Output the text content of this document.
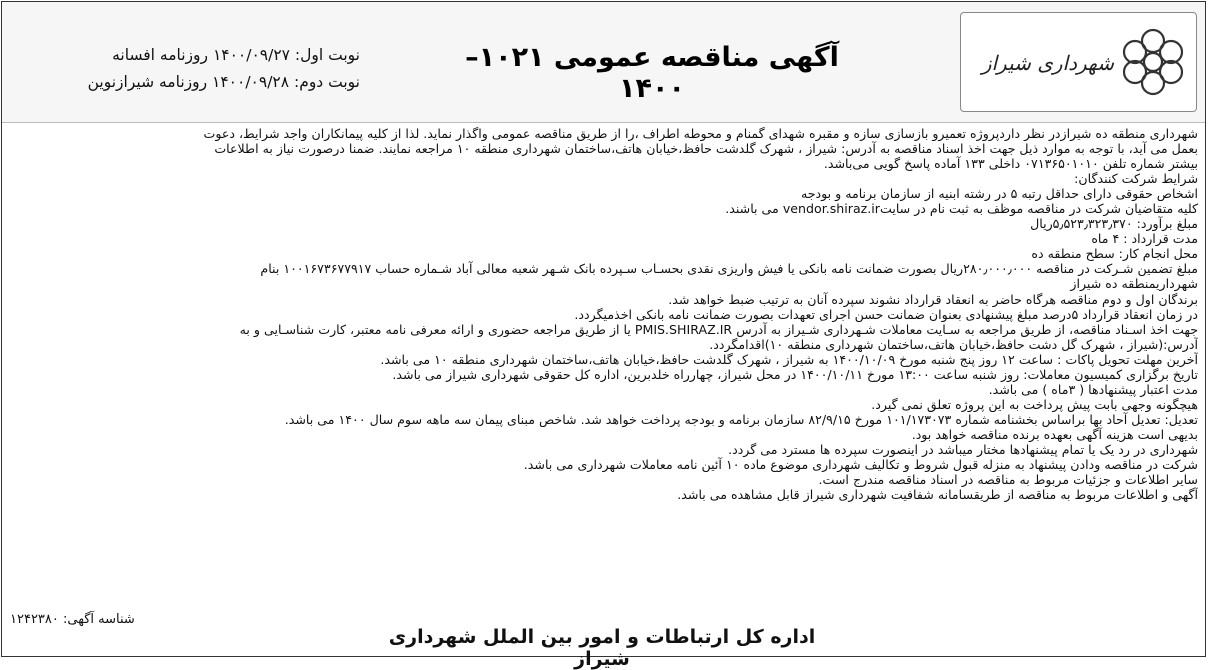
شهرداری شیراز
آگهی مناقصه عمومی ۱۰۲۱–۱۴۰۰
نوبت اول: ۱۴۰۰/۰۹/۲۷ روزنامه افسانه
نوبت دوم: ۱۴۰۰/۰۹/۲۸ روزنامه شیرازنوین

شهرداری منطقه ده شیرازدر نظر داردپروژه تعمیرو بازسازی سازه و مقبره شهدای گمنام و محوطه اطراف ،را از طریق مناقصه عمومی واگذار نماید. لذا از کلیه پیمانکاران واجد شرایط، دعوت

بعمل می آید، با توجه به موارد ذیل جهت اخذ اسناد مناقصه به آدرس: شیراز ، شهرک گلدشت حافظ،خیابان هاتف،ساختمان شهرداری منطقه ۱۰ مراجعه نمایند. ضمنا درصورت نیاز به اطلاعات

بیشتر شماره تلفن ۰۷۱۳۶۵۰۱۰۱۰ داخلی ۱۳۳ آماده پاسخ گویی می‌باشد.

شرایط شرکت کنندگان:

اشخاص حقوقی دارای حداقل رتبه ۵ در رشته ابنیه از سازمان برنامه و بودجه

کلیه متقاضیان شرکت در مناقصه موظف به ثبت نام در سایتvendor.shiraz.ir می باشند.

مبلغ برآورد: ۵٫۵۲۳٫۳۲۳٫۳۷۰ریال

مدت قرارداد : ۴ ماه

محل انجام کار: سطح منطقه ده

مبلغ تضمین شـرکت در مناقصه ۲۸۰٫۰۰۰٫۰۰۰ریال بصورت ضمانت نامه بانکی یا فیش واریزی نقدی بحسـاب سـپرده بانک شـهر شعبه معالی آباد شـماره حساب ۱۰۰۱۶۷۳۶۷۷۹۱۷ بنام

شهرداریمنطقه ده شیراز

برندگان اول و دوم مناقصه هرگاه حاضر به انعقاد قرارداد نشوند سپرده آنان به ترتیب ضبط خواهد شد.

در زمان انعقاد قرارداد ۵درصد مبلغ پیشنهادی بعنوان ضمانت حسن اجرای تعهدات بصورت ضمانت نامه بانکی اخذمیگردد.

جهت اخذ اسـناد مناقصه، از طریق مراجعه به سـایت معاملات شـهرداری شـیراز به آدرس PMIS.SHIRAZ.IR یا از طریق مراجعه حضوری و ارائه معرفی نامه معتبر، کارت شناسـایی و به

آدرس:(شیراز ، شهرک گل دشت حافظ،خیابان هاتف،ساختمان شهرداری منطقه ۱۰)اقدامگردد.

آخرین مهلت تحویل پاکات : ساعت ۱۲ روز پنج شنبه مورخ ۱۴۰۰/۱۰/۰۹ به شیراز ، شهرک گلدشت حافظ،خیابان هاتف،ساختمان شهرداری منطقه ۱۰ می باشد.

تاریخ برگزاری کمیسیون معاملات: روز شنبه ساعت ۱۳:۰۰ مورخ ۱۴۰۰/۱۰/۱۱ در محل شیراز، چهارراه خلدبرین، اداره کل حقوقی شهرداری شیراز می باشد.

مدت اعتبار پیشنهادها ( ۳ماه ) می باشد.

هیچگونه وجهی بابت پیش پرداخت به این پروژه تعلق نمی گیرد.

تعدیل: تعدیل آحاد بها براساس بخشنامه شماره ۱۰۱/۱۷۳۰۷۳ مورخ ۸۲/۹/۱۵ سازمان برنامه و بودجه پرداخت خواهد شد. شاخص مبنای پیمان سه ماهه سوم سال ۱۴۰۰ می باشد.

بدیهی است هزینه آگهی بعهده برنده مناقصه خواهد بود.

شهرداری در رد یک یا تمام پیشنهادها مختار میباشد در اینصورت سپرده ها مسترد می گردد.

شرکت در مناقصه ودادن پیشنهاد به منزله قبول شروط و تکالیف شهرداری موضوع ماده ۱۰ آئین نامه معاملات شهرداری می باشد.

سایر اطلاعات و جزئیات مربوط به مناقصه در اسناد مناقصه مندرج است.

آگهی و اطلاعات مربوط به مناقصه از طریقسامانه شفافیت شهرداری شیراز قابل مشاهده می باشد.

شناسه آگهی: ۱۲۴۲۳۸۰
اداره کل ارتباطات و امور بین الملل شهرداری شیراز
